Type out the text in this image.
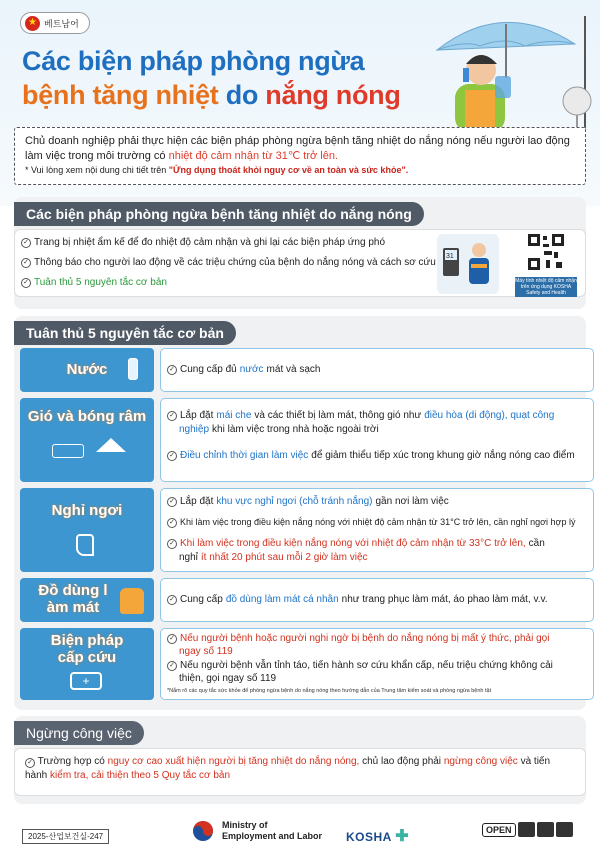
★ 베트남어
Các biện pháp phòng ngừa
bệnh tăng nhiệt do nắng nóng
Chủ doanh nghiệp phải thực hiện các biện pháp phòng ngừa bệnh tăng nhiệt do nắng nóng nếu người lao động làm việc trong môi trường có nhiệt độ cảm nhận từ 31℃ trở lên.
* Vui lòng xem nội dung chi tiết trên "Ứng dụng thoát khỏi nguy cơ về an toàn và sức khỏe".
Các biện pháp phòng ngừa bệnh tăng nhiệt do nắng nóng
✓ Trang bị nhiệt ẩm kế để đo nhiệt độ cảm nhận và ghi lại các biện pháp ứng phó
✓ Thông báo cho người lao động về các triệu chứng của bệnh do nắng nóng và cách sơ cứu
✓ Tuân thủ 5 nguyên tắc cơ bản
31
Máy tính nhiệt độ cảm nhận
trên ứng dụng KOSHA
Safety and Health
Tuân thủ 5 nguyên tắc cơ bản
Nước	✓ Cung cấp đủ nước mát và sạch
Gió và bóng râm	✓ Lắp đặt mái che và các thiết bị làm mát, thông gió như điều hòa (di động), quạt công
nghiệp khi làm việc trong nhà hoặc ngoài trời
✓ Điều chỉnh thời gian làm việc để giảm thiểu tiếp xúc trong khung giờ nắng nóng cao điểm
Nghỉ ngơi
✓ Lắp đặt khu vực nghỉ ngơi (chỗ tránh nắng) gần nơi làm việc
✓ Khi làm việc trong điều kiện nắng nóng với nhiệt độ cảm nhận từ 31°C trở lên, cần nghỉ ngơi hợp lý
✓ Khi làm việc trong điều kiện nắng nóng với nhiệt độ cảm nhận từ 33°C trở lên, cần
nghỉ ít nhất 20 phút sau mỗi 2 giờ làm việc
Đồ dùng l
àm mát	✓ Cung cấp đồ dùng làm mát cá nhân như trang phục làm mát, áo phao làm mát, v.v.
Biện pháp
cấp cứu
+
✓ Nếu người bệnh hoặc người nghi ngờ bị bệnh do nắng nóng bị mất ý thức, phải gọi
ngay số 119
✓ Nếu người bệnh vẫn tỉnh táo, tiến hành sơ cứu khẩn cấp, nếu triệu chứng không cải
thiện, gọi ngay số 119
*Nắm rõ các quy tắc sức khỏe để phòng ngừa bệnh do nắng nóng theo hướng dẫn của Trung tâm kiểm soát và phòng ngừa bệnh tật
Ngừng công việc
✓ Trường hợp có nguy cơ cao xuất hiện người bị tăng nhiệt do nắng nóng, chủ lao động phải ngừng công việc và tiến hành kiểm tra, cải thiện theo 5 Quy tắc cơ bản
2025-산업보건실-247
Ministry of
Employment and Labor KOSHA ✚	OPEN
